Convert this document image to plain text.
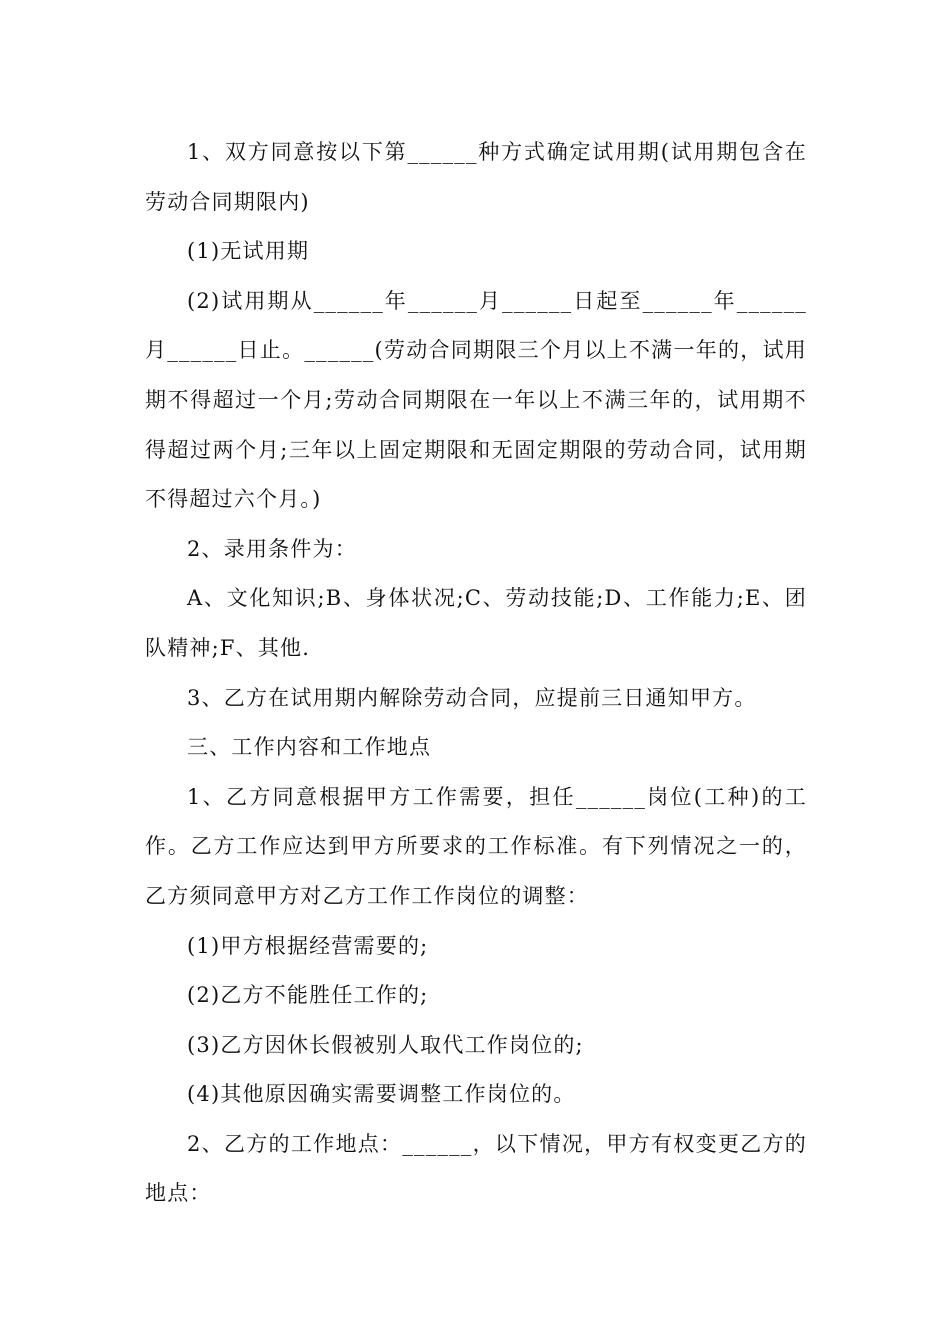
1、双方同意按以下第______种方式确定试用期(试用期包含在劳动合同期限内)

(1)无试用期

(2)试用期从______年______月______日起至______年______月______日止。______(劳动合同期限三个月以上不满一年的，试用期不得超过一个月;劳动合同期限在一年以上不满三年的，试用期不得超过两个月;三年以上固定期限和无固定期限的劳动合同，试用期不得超过六个月。)

2、录用条件为：

A、文化知识;B、身体状况;C、劳动技能;D、工作能力;E、团队精神;F、其他.

3、乙方在试用期内解除劳动合同，应提前三日通知甲方。

三、工作内容和工作地点

1、乙方同意根据甲方工作需要，担任______岗位(工种)的工作。乙方工作应达到甲方所要求的工作标准。有下列情况之一的，乙方须同意甲方对乙方工作工作岗位的调整：

(1)甲方根据经营需要的;

(2)乙方不能胜任工作的;

(3)乙方因休长假被别人取代工作岗位的;

(4)其他原因确实需要调整工作岗位的。

2、乙方的工作地点：______，以下情况，甲方有权变更乙方的地点：
